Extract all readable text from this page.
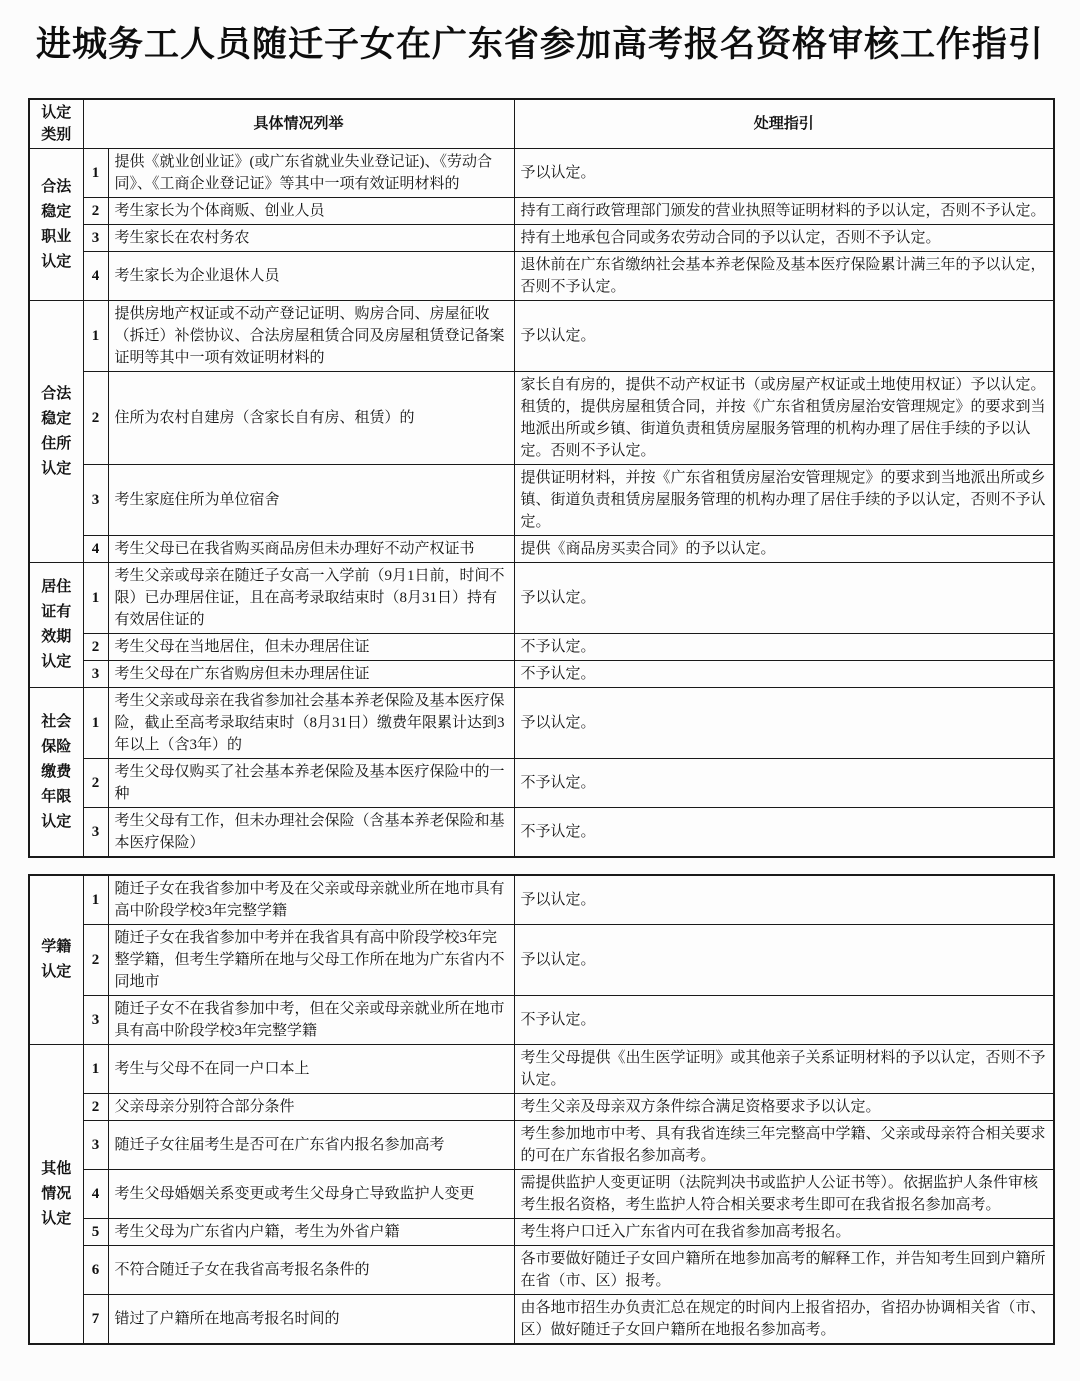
进城务工人员随迁子女在广东省参加高考报名资格审核工作指引
认定类别	具体情况列举		处理指引

合法稳定职业认定	1	提供《就业创业证》(或广东省就业失业登记证)、《劳动合同》、《工商企业登记证》等其中一项有效证明材料的	予以认定。
	2	考生家长为个体商贩、创业人员	持有工商行政管理部门颁发的营业执照等证明材料的予以认定，否则不予认定。
	3	考生家长在农村务农	持有土地承包合同或务农劳动合同的予以认定，否则不予认定。
	4	考生家长为企业退休人员	退休前在广东省缴纳社会基本养老保险及基本医疗保险累计满三年的予以认定，否则不予认定。

合法稳定住所认定	1	提供房地产权证或不动产登记证明、购房合同、房屋征收（拆迁）补偿协议、合法房屋租赁合同及房屋租赁登记备案证明等其中一项有效证明材料的	予以认定。
	2	住所为农村自建房（含家长自有房、租赁）的	家长自有房的，提供不动产权证书（或房屋产权证或土地使用权证）予以认定。租赁的，提供房屋租赁合同，并按《广东省租赁房屋治安管理规定》的要求到当地派出所或乡镇、街道负责租赁房屋服务管理的机构办理了居住手续的予以认定。否则不予认定。
	3	考生家庭住所为单位宿舍	提供证明材料，并按《广东省租赁房屋治安管理规定》的要求到当地派出所或乡镇、街道负责租赁房屋服务管理的机构办理了居住手续的予以认定，否则不予认定。
	4	考生父母已在我省购买商品房但未办理好不动产权证书	提供《商品房买卖合同》的予以认定。

居住证有效期认定	1	考生父亲或母亲在随迁子女高一入学前（9月1日前，时间不限）已办理居住证，且在高考录取结束时（8月31日）持有有效居住证的	予以认定。
	2	考生父母在当地居住，但未办理居住证	不予认定。
	3	考生父母在广东省购房但未办理居住证	不予认定。

社会保险缴费年限认定	1	考生父亲或母亲在我省参加社会基本养老保险及基本医疗保险，截止至高考录取结束时（8月31日）缴费年限累计达到3年以上（含3年）的	予以认定。
	2	考生父母仅购买了社会基本养老保险及基本医疗保险中的一种	不予认定。
	3	考生父母有工作，但未办理社会保险（含基本养老保险和基本医疗保险）	不予认定。
学籍认定	1	随迁子女在我省参加中考及在父亲或母亲就业所在地市具有高中阶段学校3年完整学籍	予以认定。
	2	随迁子女在我省参加中考并在我省具有高中阶段学校3年完整学籍，但考生学籍所在地与父母工作所在地为广东省内不同地市	予以认定。
	3	随迁子女不在我省参加中考，但在父亲或母亲就业所在地市具有高中阶段学校3年完整学籍	不予认定。

其他情况认定	1	考生与父母不在同一户口本上	考生父母提供《出生医学证明》或其他亲子关系证明材料的予以认定，否则不予认定。
	2	父亲母亲分别符合部分条件	考生父亲及母亲双方条件综合满足资格要求予以认定。
	3	随迁子女往届考生是否可在广东省内报名参加高考	考生参加地市中考、具有我省连续三年完整高中学籍、父亲或母亲符合相关要求的可在广东省报名参加高考。
	4	考生父母婚姻关系变更或考生父母身亡导致监护人变更	需提供监护人变更证明（法院判决书或监护人公证书等）。依据监护人条件审核考生报名资格，考生监护人符合相关要求考生即可在我省报名参加高考。
	5	考生父母为广东省内户籍，考生为外省户籍	考生将户口迁入广东省内可在我省参加高考报名。
	6	不符合随迁子女在我省高考报名条件的	各市要做好随迁子女回户籍所在地参加高考的解释工作，并告知考生回到户籍所在省（市、区）报考。
	7	错过了户籍所在地高考报名时间的	由各地市招生办负责汇总在规定的时间内上报省招办，省招办协调相关省（市、区）做好随迁子女回户籍所在地报名参加高考。
